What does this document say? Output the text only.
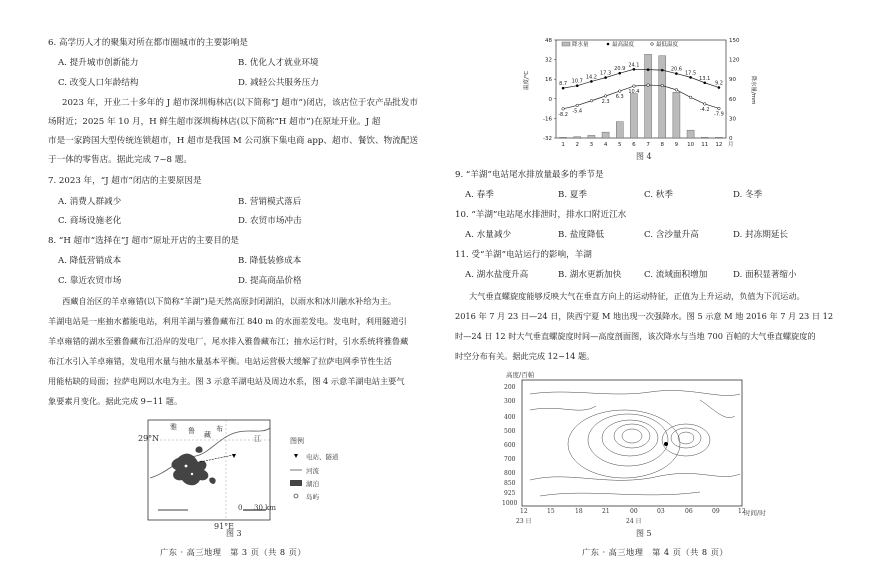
6. 高学历人才的聚集对所在都市圈城市的主要影响是
A. 提升城市创新能力	B. 优化人才就业环境
C. 改变人口年龄结构	D. 减轻公共服务压力
2023 年，开业二十多年的 J 超市深圳梅林店(以下简称“J 超市”)闭店，该店位于农产品批发市
场附近；2025 年 10 月，H 鲜生超市深圳梅林店(以下简称“H 超市”)在原址开业。J 超
市是一家跨国大型传统连锁超市，H 超市是我国 M 公司旗下集电商 app、超市、餐饮、物流配送
于一体的零售店。据此完成 7~8 题。
7. 2023 年，“J 超市”闭店的主要原因是
A. 消费人群减少	B. 营销模式落后
C. 商场设施老化	D. 农贸市场冲击
8. “H 超市”选择在“J 超市”原址开店的主要目的是
A. 降低营销成本	B. 降低装修成本
C. 靠近农贸市场	D. 提高商品价格
西藏自治区的羊卓雍错(以下简称“羊湖”)是天然高原封闭湖泊，以雨水和冰川融水补给为主。
羊湖电站是一座抽水蓄能电站，利用羊湖与雅鲁藏布江 840 m 的水面差发电。发电时，利用隧道引
羊卓雍错的湖水至雅鲁藏布江沿岸的发电厂，尾水排入雅鲁藏布江；抽水运行时，引水系统将雅鲁藏
布江水引入羊卓雍错，发电用水量与抽水量基本平衡。电站运营极大缓解了拉萨电网季节性生活
用能枯缺的局面；拉萨电网以水电为主。图 3 示意羊湖电站及周边水系，图 4 示意羊湖电站主要气
象要素月变化。据此完成 9~11 题。
29°N
91°E
0 30 km
雅 鲁 藏
布
江	图例
电站、隧道
河流
湖泊
岛屿
图 3
广东 · 高三地理　第 3 页（共 8 页）
48
32
16
0
-16
-32
150
120
90
60
30
0
8.7 10.7
14.2
17.3
20.9
24.1
20.6
17.5
13.1
9.2
-8.2
-5.4
2.3
6.3
10.4
-4.2
-7.9
1 2 3 4 5 6 7 8 9 10 11 12 月
降水量	最高温度	最低温度
温度/℃	降水量/mm
图 4
9. “羊湖”电站尾水排放量最多的季节是
A. 春季	B. 夏季	C. 秋季	D. 冬季
10. “羊湖”电站尾水排泄时，排水口附近江水
A. 水量减少	B. 盐度降低	C. 含沙量升高	D. 封冻期延长
11. 受“羊湖”电站运行的影响，羊湖
A. 湖水盐度升高	B. 湖水更新加快	C. 流域面积增加	D. 面积显著缩小
大气垂直螺旋度能够反映大气在垂直方向上的运动特征，正值为上升运动，负值为下沉运动。
2016 年 7 月 23 日—24 日，陕西宁夏 M 地出现一次强降水。图 5 示意 M 地 2016 年 7 月 23 日 12
时—24 日 12 时大气垂直螺旋度时间—高度剖面图，该次降水与当地 700 百帕的大气垂直螺旋度的
时空分布有关。据此完成 12~14 题。
高度/百帕
时间/时
200
300
400
500
600
700
800
850
925
1000
12	15	18	21	00	03	06	09	12
23 日	24 日
图 5
广东 · 高三地理　第 4 页（共 8 页）
